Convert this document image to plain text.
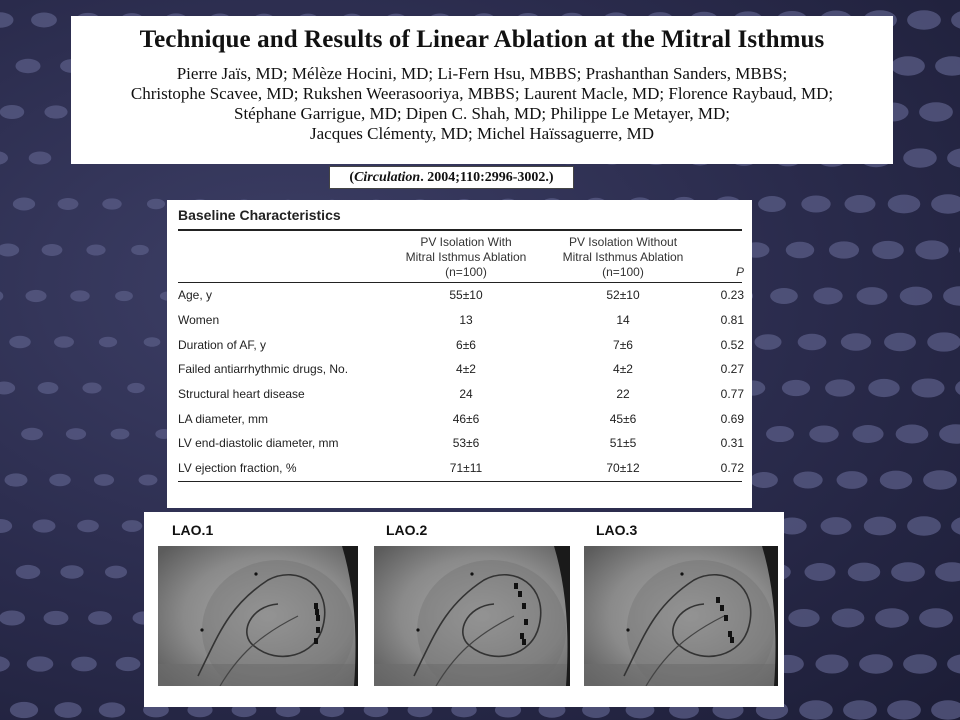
Technique and Results of Linear Ablation at the Mitral Isthmus
Pierre Jaïs, MD; Mélèze Hocini, MD; Li-Fern Hsu, MBBS; Prashanthan Sanders, MBBS;
Christophe Scavee, MD; Rukshen Weerasooriya, MBBS; Laurent Macle, MD; Florence Raybaud, MD;
Stéphane Garrigue, MD; Dipen C. Shah, MD; Philippe Le Metayer, MD;
Jacques Clémenty, MD; Michel Haïssaguerre, MD
(Circulation. 2004;110:2996-3002.)
Baseline Characteristics

PV Isolation With
Mitral Isthmus Ablation
(n=100)

PV Isolation Without
Mitral Isthmus Ablation
(n=100)	P
Age, y	55±10	52±10	0.23
Women	13	14	0.81
Duration of AF, y	6±6	7±6	0.52
Failed antiarrhythmic drugs, No.	4±2	4±2	0.27
Structural heart disease	24	22	0.77
LA diameter, mm	46±6	45±6	0.69
LV end-diastolic diameter, mm	53±6	51±5	0.31
LV ejection fraction, %	71±11	70±12	0.72
LAO.1	LAO.2	LAO.3
